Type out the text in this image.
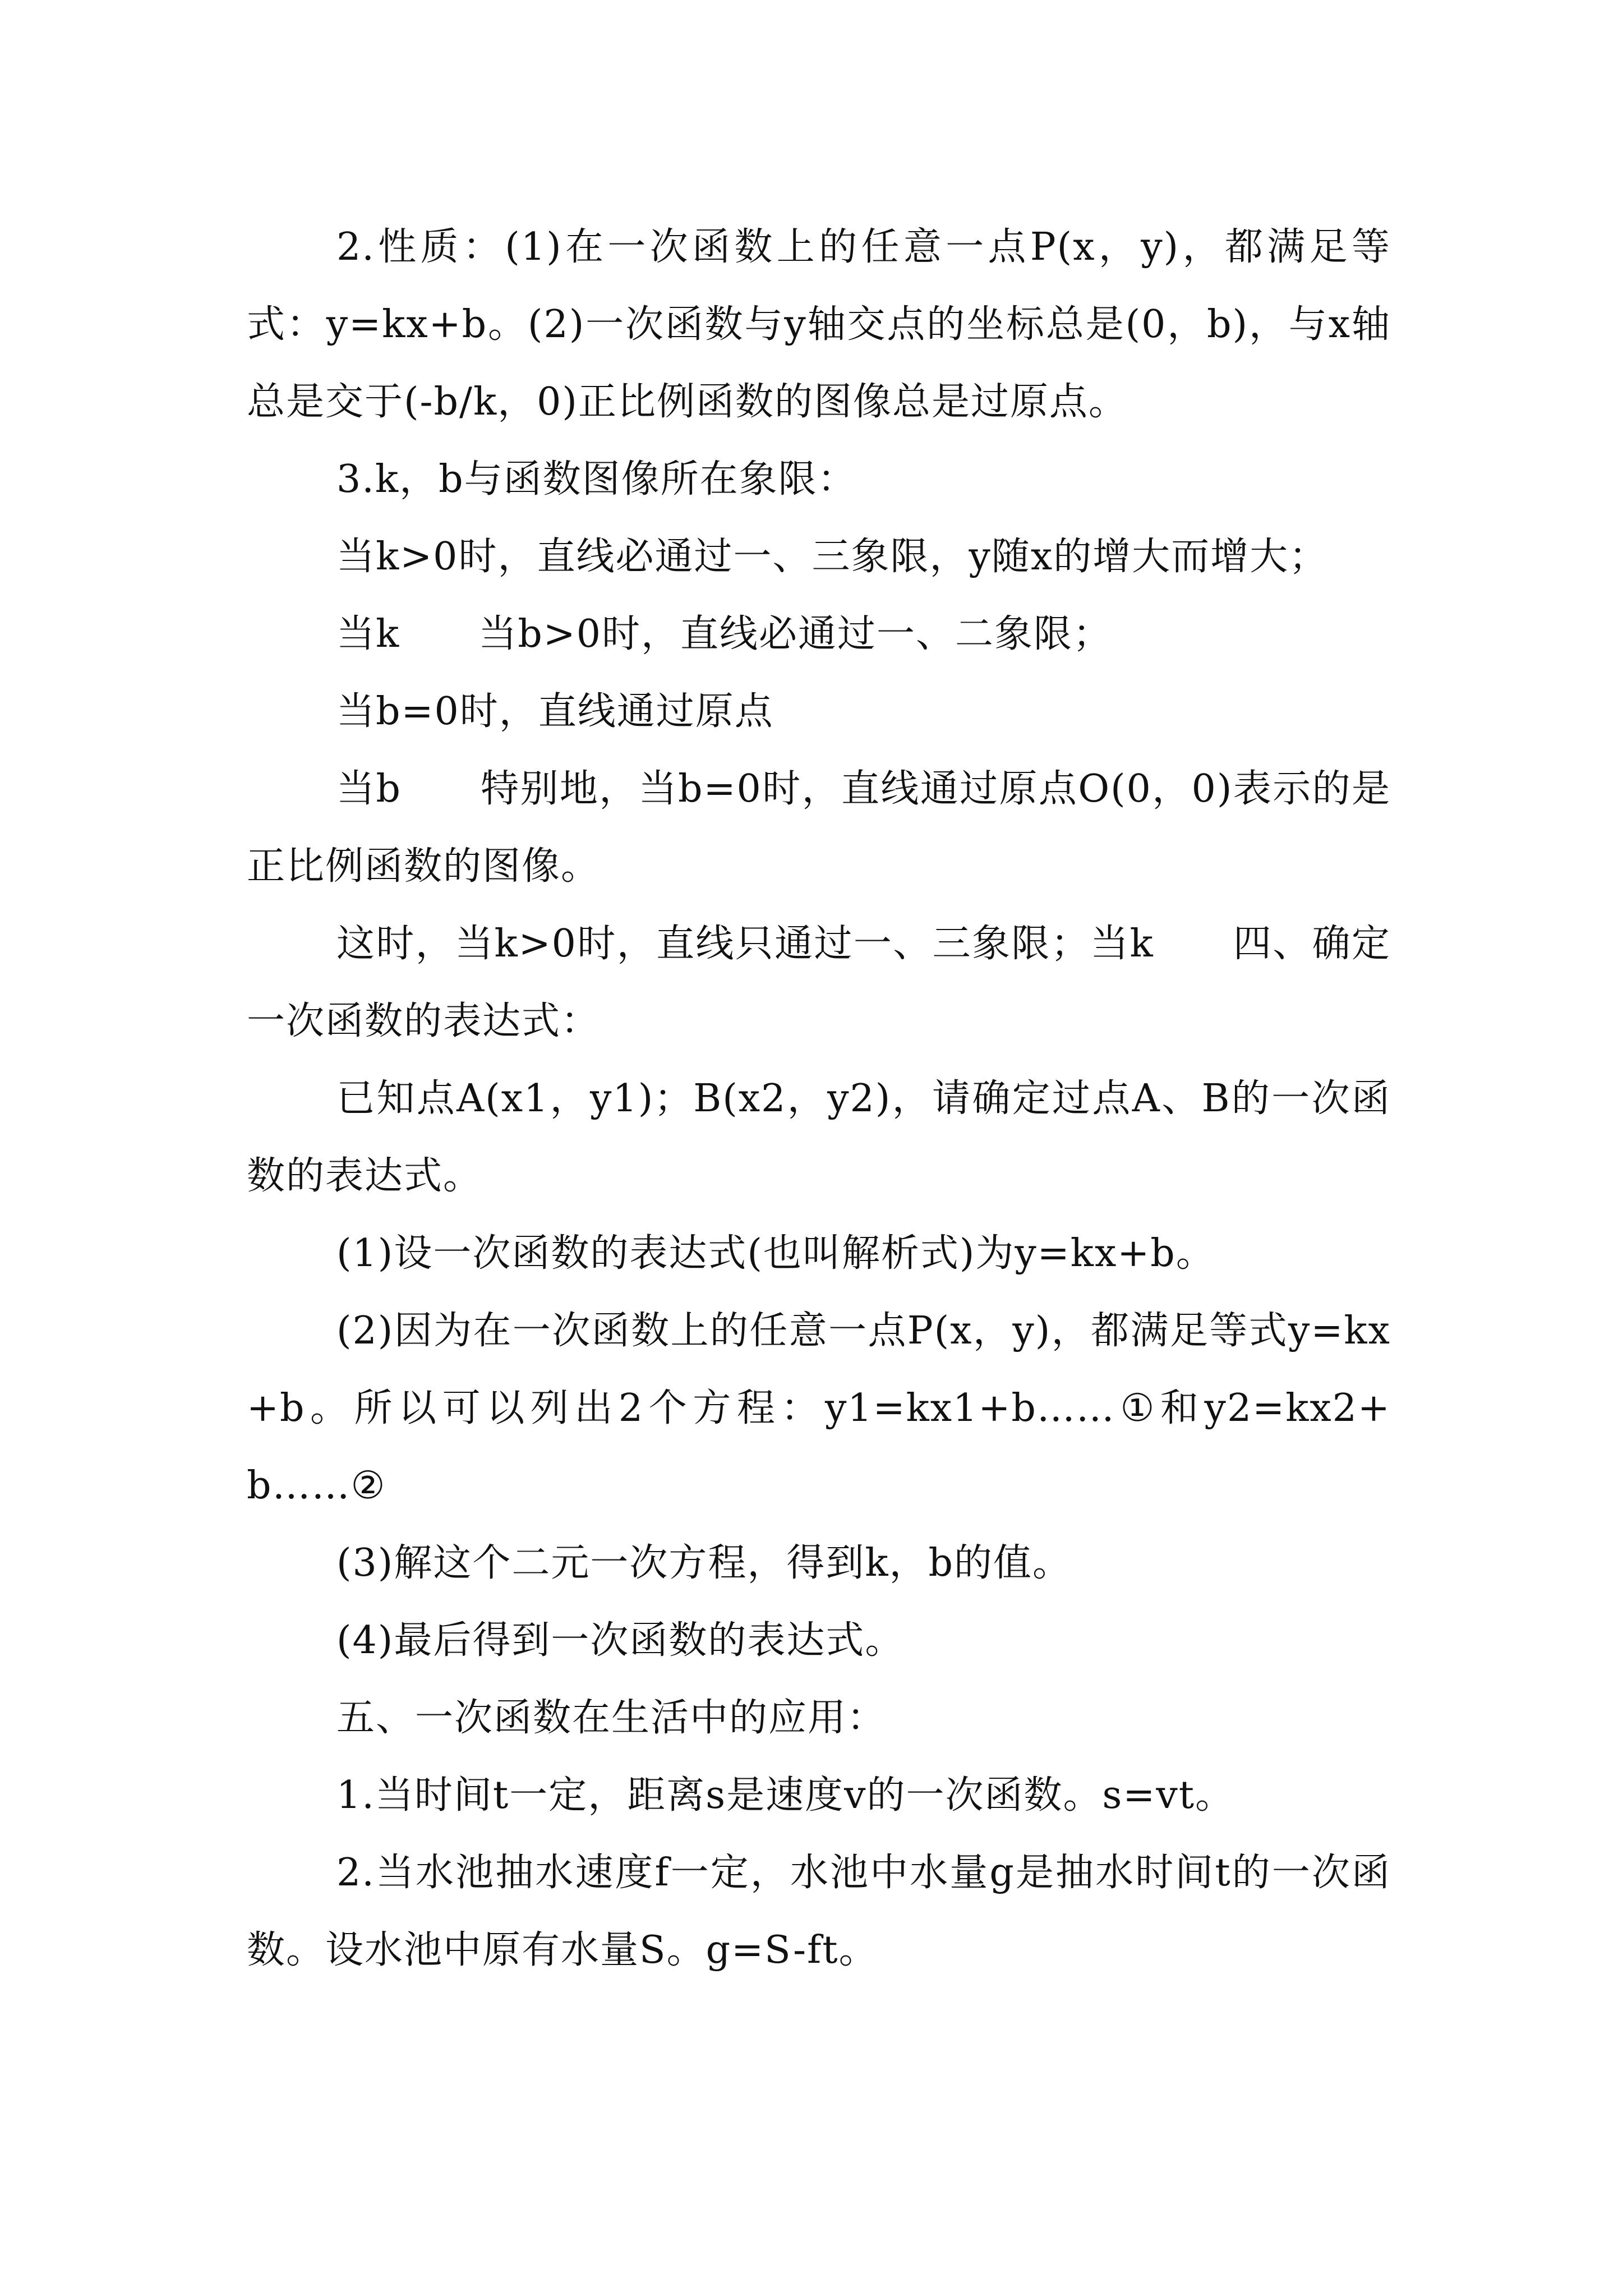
2.性质：(1)在一次函数上的任意一点P(x，y)，都满足等式：y=kx+b。(2)一次函数与y轴交点的坐标总是(0，b)，与x轴总是交于(-b/k，0)正比例函数的图像总是过原点。

3.k，b与函数图像所在象限：

当k>0时，直线必通过一、三象限，y随x的增大而增大；

当k　　当b>0时，直线必通过一、二象限；

当b=0时，直线通过原点

当b　　特别地，当b=0时，直线通过原点O(0，0)表示的是正比例函数的图像。

这时，当k>0时，直线只通过一、三象限；当k　　四、确定一次函数的表达式：

已知点A(x1，y1)；B(x2，y2)，请确定过点A、B的一次函数的表达式。

(1)设一次函数的表达式(也叫解析式)为y=kx+b。

(2)因为在一次函数上的任意一点P(x，y)，都满足等式y=kx+b。所以可以列出2个方程：y1=kx1+b……①和y2=kx2+b……②

(3)解这个二元一次方程，得到k，b的值。

(4)最后得到一次函数的表达式。

五、一次函数在生活中的应用：

1.当时间t一定，距离s是速度v的一次函数。s=vt。

2.当水池抽水速度f一定，水池中水量g是抽水时间t的一次函数。设水池中原有水量S。g=S-ft。
